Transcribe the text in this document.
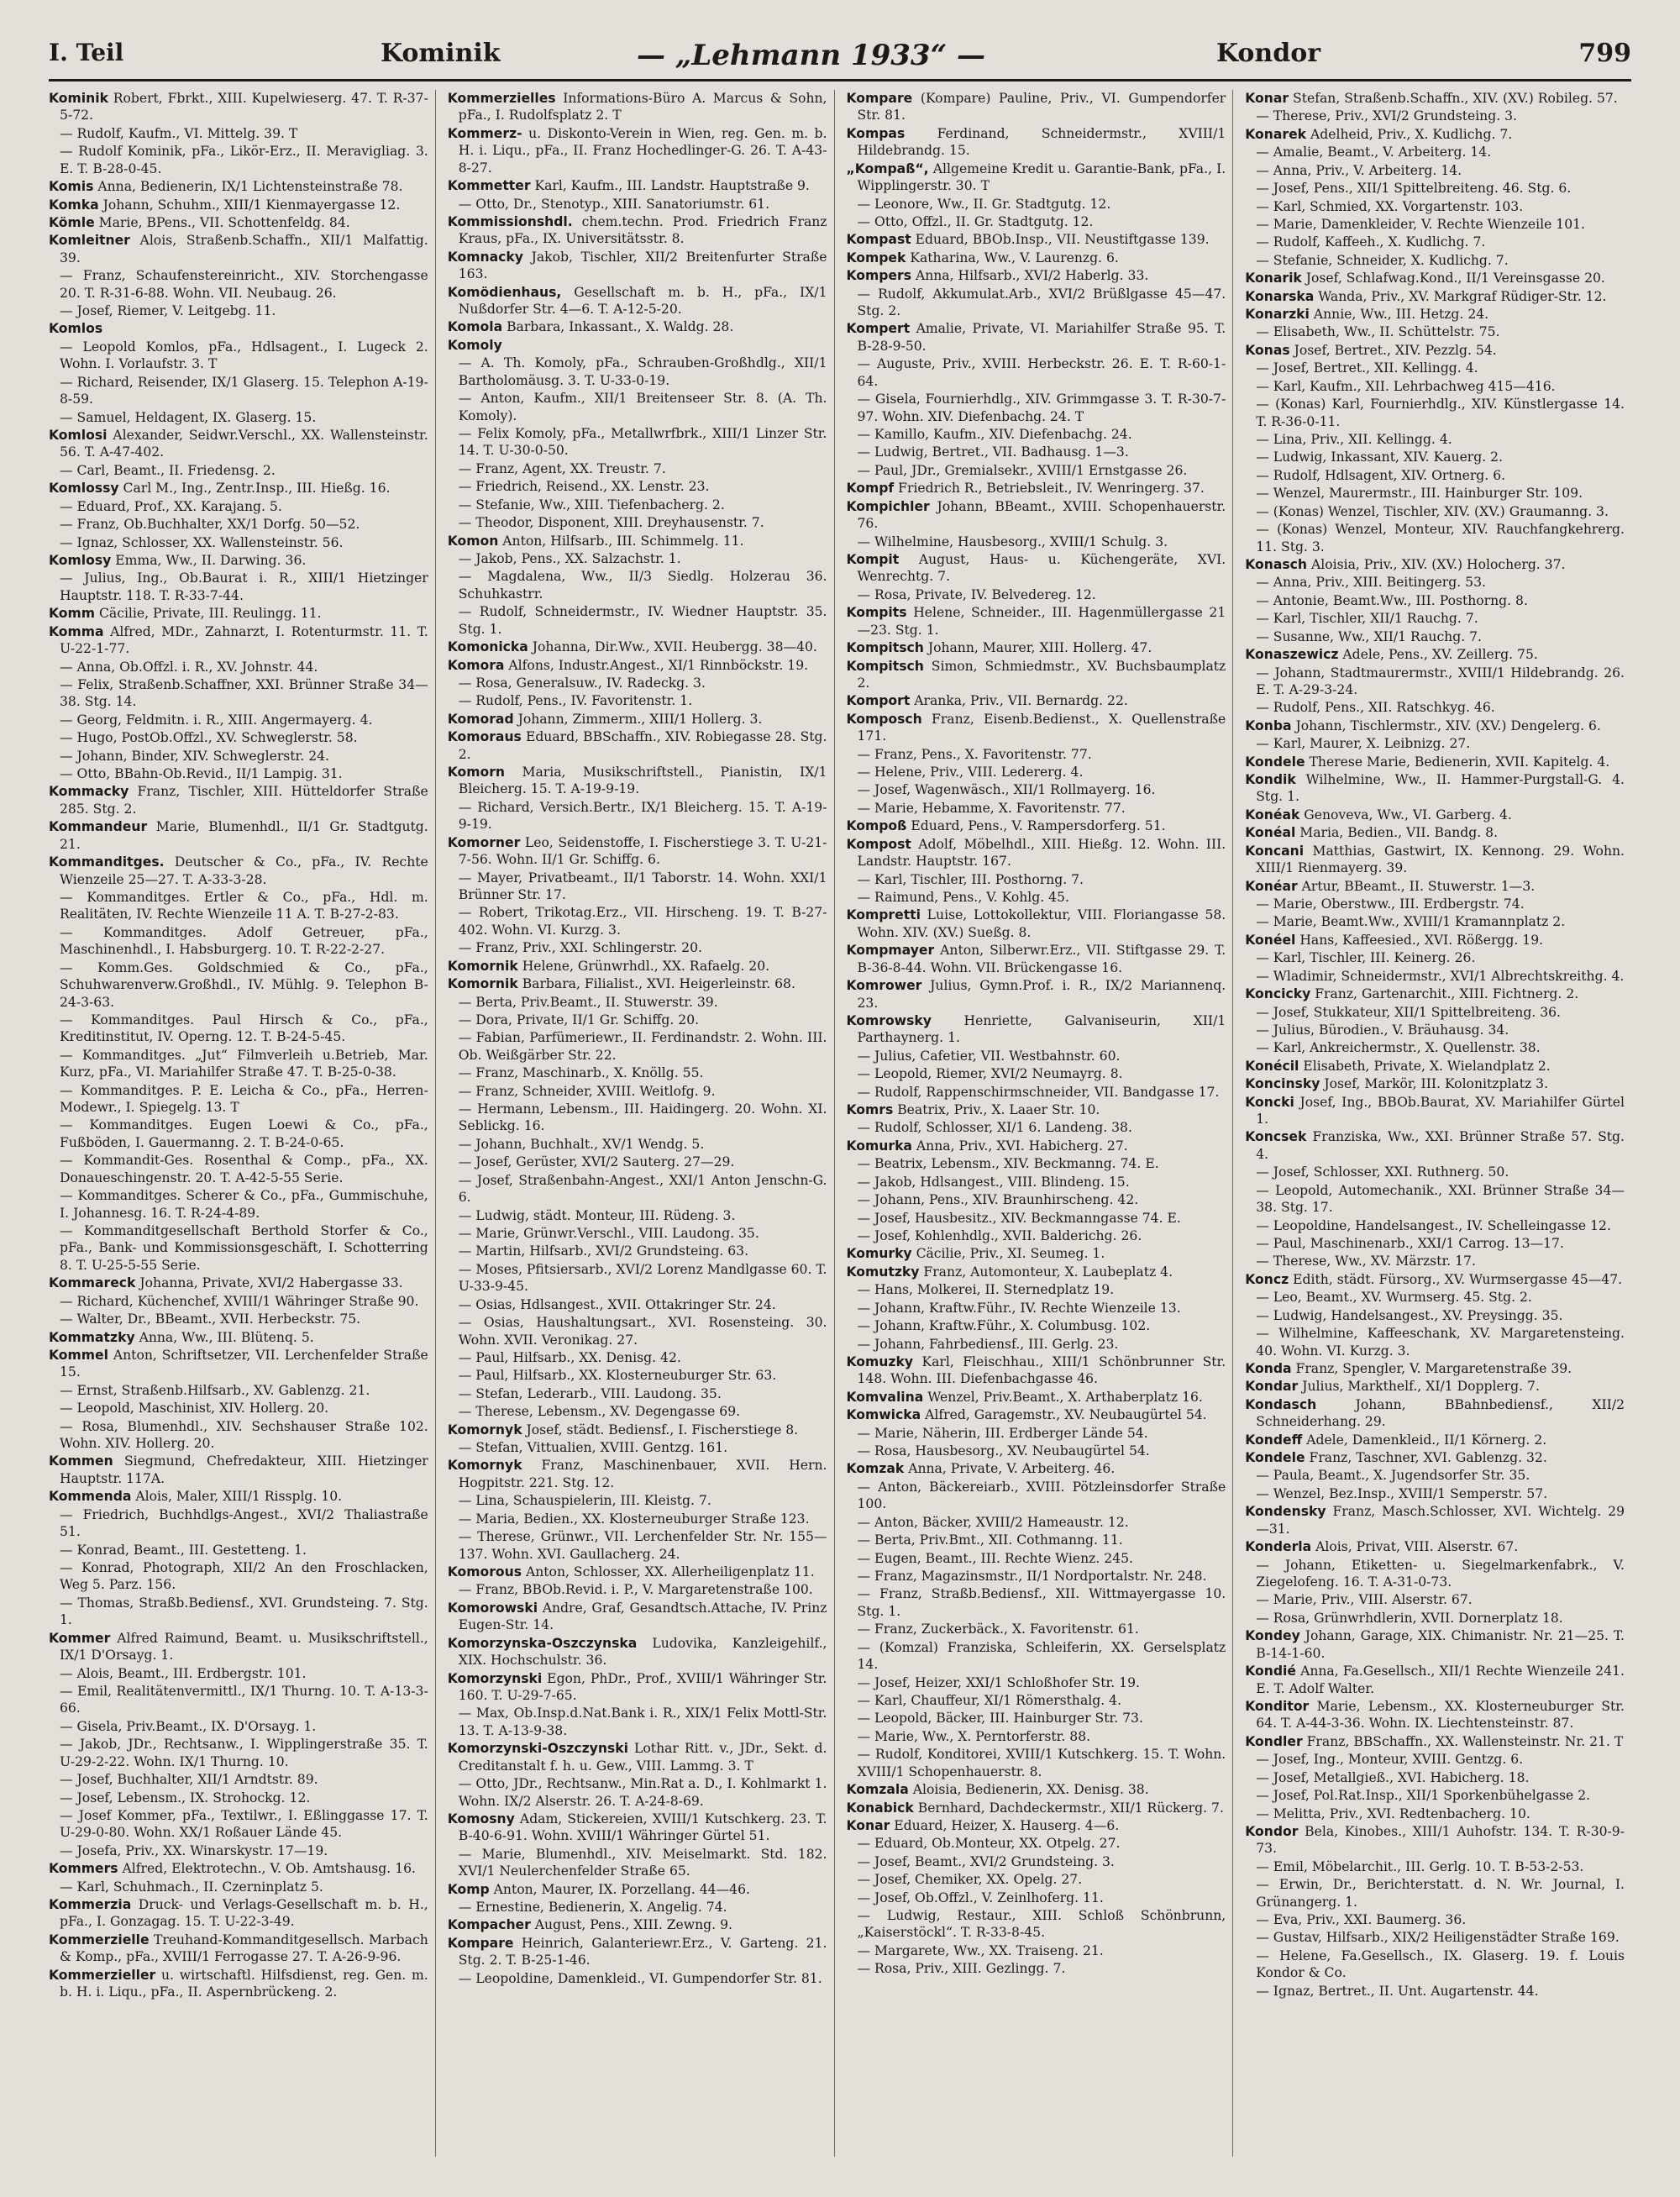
I. Teil	Kominik	— „Lehmann 1933“ —	Kondor	799
Kominik Robert, Fbrkt., XIII. Kupelwieserg. 47. T. R-37-5-72.
— Rudolf, Kaufm., VI. Mittelg. 39. T
— Rudolf Kominik, pFa., Likör-Erz., II. Meravigliag. 3. E. T. B-28-0-45.
Komis Anna, Bedienerin, IX/1 Lichtensteinstraße 78.
Komka Johann, Schuhm., XIII/1 Kienmayergasse 12.
Kömle Marie, BPens., VII. Schottenfeldg. 84.
Komleitner Alois, Straßenb.Schaffn., XII/1 Malfattig. 39.
— Franz, Schaufenstereinricht., XIV. Storchengasse 20. T. R-31-6-88. Wohn. VII. Neubaug. 26.
— Josef, Riemer, V. Leitgebg. 11.
Komlos
— Leopold Komlos, pFa., Hdlsagent., I. Lugeck 2. Wohn. I. Vorlaufstr. 3. T
— Richard, Reisender, IX/1 Glaserg. 15. Telephon A-19-8-59.
— Samuel, Heldagent, IX. Glaserg. 15.
Komlosi Alexander, Seidwr.Verschl., XX. Wallensteinstr. 56. T. A-47-402.
— Carl, Beamt., II. Friedensg. 2.
Komlossy Carl M., Ing., Zentr.Insp., III. Hießg. 16.
— Eduard, Prof., XX. Karajang. 5.
— Franz, Ob.Buchhalter, XX/1 Dorfg. 50—52.
— Ignaz, Schlosser, XX. Wallensteinstr. 56.
Komlosy Emma, Ww., II. Darwing. 36.
— Julius, Ing., Ob.Baurat i. R., XIII/1 Hietzinger Hauptstr. 118. T. R-33-7-44.
Komm Cäcilie, Private, III. Reulingg. 11.
Komma Alfred, MDr., Zahnarzt, I. Rotenturmstr. 11. T. U-22-1-77.
— Anna, Ob.Offzl. i. R., XV. Johnstr. 44.
— Felix, Straßenb.Schaffner, XXI. Brünner Straße 34—38. Stg. 14.
— Georg, Feldmitn. i. R., XIII. Angermayerg. 4.
— Hugo, PostOb.Offzl., XV. Schweglerstr. 58.
— Johann, Binder, XIV. Schweglerstr. 24.
— Otto, BBahn-Ob.Revid., II/1 Lampig. 31.
Kommacky Franz, Tischler, XIII. Hütteldorfer Straße 285. Stg. 2.
Kommandeur Marie, Blumenhdl., II/1 Gr. Stadtgutg. 21.
Kommanditges. Deutscher & Co., pFa., IV. Rechte Wienzeile 25—27. T. A-33-3-28.
— Kommanditges. Ertler & Co., pFa., Hdl. m. Realitäten, IV. Rechte Wienzeile 11 A. T. B-27-2-83.
— Kommanditges. Adolf Getreuer, pFa., Maschinenhdl., I. Habsburgerg. 10. T. R-22-2-27.
— Komm.Ges. Goldschmied & Co., pFa., Schuhwarenverw.Großhdl., IV. Mühlg. 9. Telephon B-24-3-63.
— Kommanditges. Paul Hirsch & Co., pFa., Kreditinstitut, IV. Operng. 12. T. B-24-5-45.
— Kommanditges. „Jut“ Filmverleih u.Betrieb, Mar. Kurz, pFa., VI. Mariahilfer Straße 47. T. B-25-0-38.
— Kommanditges. P. E. Leicha & Co., pFa., Herren-Modewr., I. Spiegelg. 13. T
— Kommanditges. Eugen Loewi & Co., pFa., Fußböden, I. Gauermanng. 2. T. B-24-0-65.
— Kommandit-Ges. Rosenthal & Comp., pFa., XX. Donaueschingenstr. 20. T. A-42-5-55 Serie.
— Kommanditges. Scherer & Co., pFa., Gummischuhe, I. Johannesg. 16. T. R-24-4-89.
— Kommanditgesellschaft Berthold Storfer & Co., pFa., Bank- und Kommissionsgeschäft, I. Schotterring 8. T. U-25-5-55 Serie.
Kommareck Johanna, Private, XVI/2 Habergasse 33.
— Richard, Küchenchef, XVIII/1 Währinger Straße 90.
— Walter, Dr., BBeamt., XVII. Herbeckstr. 75.
Kommatzky Anna, Ww., III. Blütenq. 5.
Kommel Anton, Schriftsetzer, VII. Lerchenfelder Straße 15.
— Ernst, Straßenb.Hilfsarb., XV. Gablenzg. 21.
— Leopold, Maschinist, XIV. Hollerg. 20.
— Rosa, Blumenhdl., XIV. Sechshauser Straße 102. Wohn. XIV. Hollerg. 20.
Kommen Siegmund, Chefredakteur, XIII. Hietzinger Hauptstr. 117A.
Kommenda Alois, Maler, XIII/1 Rissplg. 10.
— Friedrich, Buchhdlgs-Angest., XVI/2 Thaliastraße 51.
— Konrad, Beamt., III. Gestetteng. 1.
— Konrad, Photograph, XII/2 An den Froschlacken, Weg 5. Parz. 156.
— Thomas, Straßb.Bediensf., XVI. Grundsteing. 7. Stg. 1.
Kommer Alfred Raimund, Beamt. u. Musikschriftstell., IX/1 D'Orsayg. 1.
— Alois, Beamt., III. Erdbergstr. 101.
— Emil, Realitätenvermittl., IX/1 Thurng. 10. T. A-13-3-66.
— Gisela, Priv.Beamt., IX. D'Orsayg. 1.
— Jakob, JDr., Rechtsanw., I. Wipplingerstraße 35. T. U-29-2-22. Wohn. IX/1 Thurng. 10.
— Josef, Buchhalter, XII/1 Arndtstr. 89.
— Josef, Lebensm., IX. Strohockg. 12.
— Josef Kommer, pFa., Textilwr., I. Eßlinggasse 17. T. U-29-0-80. Wohn. XX/1 Roßauer Lände 45.
— Josefa, Priv., XX. Winarskystr. 17—19.
Kommers Alfred, Elektrotechn., V. Ob. Amtshausg. 16.
— Karl, Schuhmach., II. Czerninplatz 5.
Kommerzia Druck- und Verlags-Gesellschaft m. b. H., pFa., I. Gonzagag. 15. T. U-22-3-49.
Kommerzielle Treuhand-Kommanditgesellsch. Marbach & Komp., pFa., XVIII/1 Ferrogasse 27. T. A-26-9-96.
Kommerzieller u. wirtschaftl. Hilfsdienst, reg. Gen. m. b. H. i. Liqu., pFa., II. Aspernbrückeng. 2.
Kommerzielles Informations-Büro A. Marcus & Sohn, pFa., I. Rudolfsplatz 2. T
Kommerz- u. Diskonto-Verein in Wien, reg. Gen. m. b. H. i. Liqu., pFa., II. Franz Hochedlinger-G. 26. T. A-43-8-27.
Kommetter Karl, Kaufm., III. Landstr. Hauptstraße 9.
— Otto, Dr., Stenotyp., XIII. Sanatoriumstr. 61.
Kommissionshdl. chem.techn. Prod. Friedrich Franz Kraus, pFa., IX. Universitätsstr. 8.
Komnacky Jakob, Tischler, XII/2 Breitenfurter Straße 163.
Komödienhaus, Gesellschaft m. b. H., pFa., IX/1 Nußdorfer Str. 4—6. T. A-12-5-20.
Komola Barbara, Inkassant., X. Waldg. 28.
Komoly
— A. Th. Komoly, pFa., Schrauben-Großhdlg., XII/1 Bartholomäusg. 3. T. U-33-0-19.
— Anton, Kaufm., XII/1 Breitenseer Str. 8. (A. Th. Komoly).
— Felix Komoly, pFa., Metallwrfbrk., XIII/1 Linzer Str. 14. T. U-30-0-50.
— Franz, Agent, XX. Treustr. 7.
— Friedrich, Reisend., XX. Lenstr. 23.
— Stefanie, Ww., XIII. Tiefenbacherg. 2.
— Theodor, Disponent, XIII. Dreyhausenstr. 7.
Komon Anton, Hilfsarb., III. Schimmelg. 11.
— Jakob, Pens., XX. Salzachstr. 1.
— Magdalena, Ww., II/3 Siedlg. Holzerau 36. Schuhkastrr.
— Rudolf, Schneidermstr., IV. Wiedner Hauptstr. 35. Stg. 1.
Komonicka Johanna, Dir.Ww., XVII. Heubergg. 38—40.
Komora Alfons, Industr.Angest., XI/1 Rinnböckstr. 19.
— Rosa, Generalsuw., IV. Radeckg. 3.
— Rudolf, Pens., IV. Favoritenstr. 1.
Komorad Johann, Zimmerm., XIII/1 Hollerg. 3.
Komoraus Eduard, BBSchaffn., XIV. Robiegasse 28. Stg. 2.
Komorn Maria, Musikschriftstell., Pianistin, IX/1 Bleicherg. 15. T. A-19-9-19.
— Richard, Versich.Bertr., IX/1 Bleicherg. 15. T. A-19-9-19.
Komorner Leo, Seidenstoffe, I. Fischerstiege 3. T. U-21-7-56. Wohn. II/1 Gr. Schiffg. 6.
— Mayer, Privatbeamt., II/1 Taborstr. 14. Wohn. XXI/1 Brünner Str. 17.
— Robert, Trikotag.Erz., VII. Hirscheng. 19. T. B-27-402. Wohn. VI. Kurzg. 3.
— Franz, Priv., XXI. Schlingerstr. 20.
Komornik Helene, Grünwrhdl., XX. Rafaelg. 20.
Komornik Barbara, Filialist., XVI. Heigerleinstr. 68.
— Berta, Priv.Beamt., II. Stuwerstr. 39.
— Dora, Private, II/1 Gr. Schiffg. 20.
— Fabian, Parfümeriewr., II. Ferdinandstr. 2. Wohn. III. Ob. Weißgärber Str. 22.
— Franz, Maschinarb., X. Knöllg. 55.
— Franz, Schneider, XVIII. Weitlofg. 9.
— Hermann, Lebensm., III. Haidingerg. 20. Wohn. XI. Seblickg. 16.
— Johann, Buchhalt., XV/1 Wendg. 5.
— Josef, Gerüster, XVI/2 Sauterg. 27—29.
— Josef, Straßenbahn-Angest., XXI/1 Anton Jenschn-G. 6.
— Ludwig, städt. Monteur, III. Rüdeng. 3.
— Marie, Grünwr.Verschl., VIII. Laudong. 35.
— Martin, Hilfsarb., XVI/2 Grundsteing. 63.
— Moses, Pfitsiersarb., XVI/2 Lorenz Mandlgasse 60. T. U-33-9-45.
— Osias, Hdlsangest., XVII. Ottakringer Str. 24.
— Osias, Haushaltungsart., XVI. Rosensteing. 30. Wohn. XVII. Veronikag. 27.
— Paul, Hilfsarb., XX. Denisg. 42.
— Paul, Hilfsarb., XX. Klosterneuburger Str. 63.
— Stefan, Lederarb., VIII. Laudong. 35.
— Therese, Lebensm., XV. Degengasse 69.
Komornyk Josef, städt. Bediensf., I. Fischerstiege 8.
— Stefan, Vittualien, XVIII. Gentzg. 161.
Komornyk Franz, Maschinenbauer, XVII. Hern. Hogpitstr. 221. Stg. 12.
— Lina, Schauspielerin, III. Kleistg. 7.
— Maria, Bedien., XX. Klosterneuburger Straße 123.
— Therese, Grünwr., VII. Lerchenfelder Str. Nr. 155—137. Wohn. XVI. Gaullacherg. 24.
Komorous Anton, Schlosser, XX. Allerheiligenplatz 11.
— Franz, BBOb.Revid. i. P., V. Margaretenstraße 100.
Komorowski Andre, Graf, Gesandtsch.Attache, IV. Prinz Eugen-Str. 14.
Komorzynska-Oszczynska Ludovika, Kanzleigehilf., XIX. Hochschulstr. 36.
Komorzynski Egon, PhDr., Prof., XVIII/1 Währinger Str. 160. T. U-29-7-65.
— Max, Ob.Insp.d.Nat.Bank i. R., XIX/1 Felix Mottl-Str. 13. T. A-13-9-38.
Komorzynski-Oszczynski Lothar Ritt. v., JDr., Sekt. d. Creditanstalt f. h. u. Gew., VIII. Lammg. 3. T
— Otto, JDr., Rechtsanw., Min.Rat a. D., I. Kohlmarkt 1. Wohn. IX/2 Alserstr. 26. T. A-24-8-69.
Komosny Adam, Stickereien, XVIII/1 Kutschkerg. 23. T. B-40-6-91. Wohn. XVIII/1 Währinger Gürtel 51.
— Marie, Blumenhdl., XIV. Meiselmarkt. Std. 182. XVI/1 Neulerchenfelder Straße 65.
Komp Anton, Maurer, IX. Porzellang. 44—46.
— Ernestine, Bedienerin, X. Angelig. 74.
Kompacher August, Pens., XIII. Zewng. 9.
Kompare Heinrich, Galanteriewr.Erz., V. Garteng. 21. Stg. 2. T. B-25-1-46.
— Leopoldine, Damenkleid., VI. Gumpendorfer Str. 81.
Kompare (Kompare) Pauline, Priv., VI. Gumpendorfer Str. 81.
Kompas Ferdinand, Schneidermstr., XVIII/1 Hildebrandg. 15.
„Kompaß“, Allgemeine Kredit u. Garantie-Bank, pFa., I. Wipplingerstr. 30. T
— Leonore, Ww., II. Gr. Stadtgutg. 12.
— Otto, Offzl., II. Gr. Stadtgutg. 12.
Kompast Eduard, BBOb.Insp., VII. Neustiftgasse 139.
Kompek Katharina, Ww., V. Laurenzg. 6.
Kompers Anna, Hilfsarb., XVI/2 Haberlg. 33.
— Rudolf, Akkumulat.Arb., XVI/2 Brüßlgasse 45—47. Stg. 2.
Kompert Amalie, Private, VI. Mariahilfer Straße 95. T. B-28-9-50.
— Auguste, Priv., XVIII. Herbeckstr. 26. E. T. R-60-1-64.
— Gisela, Fournierhdlg., XIV. Grimmgasse 3. T. R-30-7-97. Wohn. XIV. Diefenbachg. 24. T
— Kamillo, Kaufm., XIV. Diefenbachg. 24.
— Ludwig, Bertret., VII. Badhausg. 1—3.
— Paul, JDr., Gremialsekr., XVIII/1 Ernstgasse 26.
Kompf Friedrich R., Betriebsleit., IV. Wenringerg. 37.
Kompichler Johann, BBeamt., XVIII. Schopenhauerstr. 76.
— Wilhelmine, Hausbesorg., XVIII/1 Schulg. 3.
Kompit August, Haus- u. Küchengeräte, XVI. Wenrechtg. 7.
— Rosa, Private, IV. Belvedereg. 12.
Kompits Helene, Schneider., III. Hagenmüllergasse 21—23. Stg. 1.
Kompitsch Johann, Maurer, XIII. Hollerg. 47.
Kompitsch Simon, Schmiedmstr., XV. Buchsbaumplatz 2.
Komport Aranka, Priv., VII. Bernardg. 22.
Komposch Franz, Eisenb.Bedienst., X. Quellenstraße 171.
— Franz, Pens., X. Favoritenstr. 77.
— Helene, Priv., VIII. Ledererg. 4.
— Josef, Wagenwäsch., XII/1 Rollmayerg. 16.
— Marie, Hebamme, X. Favoritenstr. 77.
Kompoß Eduard, Pens., V. Rampersdorferg. 51.
Kompost Adolf, Möbelhdl., XIII. Hießg. 12. Wohn. III. Landstr. Hauptstr. 167.
— Karl, Tischler, III. Posthorng. 7.
— Raimund, Pens., V. Kohlg. 45.
Kompretti Luise, Lottokollektur, VIII. Floriangasse 58. Wohn. XIV. (XV.) Sueßg. 8.
Kompmayer Anton, Silberwr.Erz., VII. Stiftgasse 29. T. B-36-8-44. Wohn. VII. Brückengasse 16.
Komrower Julius, Gymn.Prof. i. R., IX/2 Mariannenq. 23.
Komrowsky Henriette, Galvaniseurin, XII/1 Parthaynerg. 1.
— Julius, Cafetier, VII. Westbahnstr. 60.
— Leopold, Riemer, XVI/2 Neumayrg. 8.
— Rudolf, Rappenschirmschneider, VII. Bandgasse 17.
Komrs Beatrix, Priv., X. Laaer Str. 10.
— Rudolf, Schlosser, XI/1 6. Landeng. 38.
Komurka Anna, Priv., XVI. Habicherg. 27.
— Beatrix, Lebensm., XIV. Beckmanng. 74. E.
— Jakob, Hdlsangest., VIII. Blindeng. 15.
— Johann, Pens., XIV. Braunhirscheng. 42.
— Josef, Hausbesitz., XIV. Beckmanngasse 74. E.
— Josef, Kohlenhdlg., XVII. Balderichg. 26.
Komurky Cäcilie, Priv., XI. Seumeg. 1.
Komutzky Franz, Automonteur, X. Laubeplatz 4.
— Hans, Molkerei, II. Sternedplatz 19.
— Johann, Kraftw.Führ., IV. Rechte Wienzeile 13.
— Johann, Kraftw.Führ., X. Columbusg. 102.
— Johann, Fahrbediensf., III. Gerlg. 23.
Komuzky Karl, Fleischhau., XIII/1 Schönbrunner Str. 148. Wohn. III. Diefenbachgasse 46.
Komvalina Wenzel, Priv.Beamt., X. Arthaberplatz 16.
Komwicka Alfred, Garagemstr., XV. Neubaugürtel 54.
— Marie, Näherin, III. Erdberger Lände 54.
— Rosa, Hausbesorg., XV. Neubaugürtel 54.
Komzak Anna, Private, V. Arbeiterg. 46.
— Anton, Bäckereiarb., XVIII. Pötzleinsdorfer Straße 100.
— Anton, Bäcker, XVIII/2 Hameaustr. 12.
— Berta, Priv.Bmt., XII. Cothmanng. 11.
— Eugen, Beamt., III. Rechte Wienz. 245.
— Franz, Magazinsmstr., II/1 Nordportalstr. Nr. 248.
— Franz, Straßb.Bediensf., XII. Wittmayergasse 10. Stg. 1.
— Franz, Zuckerbäck., X. Favoritenstr. 61.
— (Komzal) Franziska, Schleiferin, XX. Gerselsplatz 14.
— Josef, Heizer, XXI/1 Schloßhofer Str. 19.
— Karl, Chauffeur, XI/1 Römersthalg. 4.
— Leopold, Bäcker, III. Hainburger Str. 73.
— Marie, Ww., X. Perntorferstr. 88.
— Rudolf, Konditorei, XVIII/1 Kutschkerg. 15. T. Wohn. XVIII/1 Schopenhauerstr. 8.
Komzala Aloisia, Bedienerin, XX. Denisg. 38.
Konabick Bernhard, Dachdeckermstr., XII/1 Rückerg. 7.
Konar Eduard, Heizer, X. Hauserg. 4—6.
— Eduard, Ob.Monteur, XX. Otpelg. 27.
— Josef, Beamt., XVI/2 Grundsteing. 3.
— Josef, Chemiker, XX. Opelg. 27.
— Josef, Ob.Offzl., V. Zeinlhoferg. 11.
— Ludwig, Restaur., XIII. Schloß Schönbrunn, „Kaiserstöckl“. T. R-33-8-45.
— Margarete, Ww., XX. Traiseng. 21.
— Rosa, Priv., XIII. Gezlingg. 7.
Konar Stefan, Straßenb.Schaffn., XIV. (XV.) Robileg. 57.
— Therese, Priv., XVI/2 Grundsteing. 3.
Konarek Adelheid, Priv., X. Kudlichg. 7.
— Amalie, Beamt., V. Arbeiterg. 14.
— Anna, Priv., V. Arbeiterg. 14.
— Josef, Pens., XII/1 Spittelbreiteng. 46. Stg. 6.
— Karl, Schmied, XX. Vorgartenstr. 103.
— Marie, Damenkleider, V. Rechte Wienzeile 101.
— Rudolf, Kaffeeh., X. Kudlichg. 7.
— Stefanie, Schneider, X. Kudlichg. 7.
Konarik Josef, Schlafwag.Kond., II/1 Vereinsgasse 20.
Konarska Wanda, Priv., XV. Markgraf Rüdiger-Str. 12.
Konarzki Annie, Ww., III. Hetzg. 24.
— Elisabeth, Ww., II. Schüttelstr. 75.
Konas Josef, Bertret., XIV. Pezzlg. 54.
— Josef, Bertret., XII. Kellingg. 4.
— Karl, Kaufm., XII. Lehrbachweg 415—416.
— (Konas) Karl, Fournierhdlg., XIV. Künstlergasse 14. T. R-36-0-11.
— Lina, Priv., XII. Kellingg. 4.
— Ludwig, Inkassant, XIV. Kauerg. 2.
— Rudolf, Hdlsagent, XIV. Ortnerg. 6.
— Wenzel, Maurermstr., III. Hainburger Str. 109.
— (Konas) Wenzel, Tischler, XIV. (XV.) Graumanng. 3.
— (Konas) Wenzel, Monteur, XIV. Rauchfangkehrerg. 11. Stg. 3.
Konasch Aloisia, Priv., XIV. (XV.) Holocherg. 37.
— Anna, Priv., XIII. Beitingerg. 53.
— Antonie, Beamt.Ww., III. Posthorng. 8.
— Karl, Tischler, XII/1 Rauchg. 7.
— Susanne, Ww., XII/1 Rauchg. 7.
Konaszewicz Adele, Pens., XV. Zeillerg. 75.
— Johann, Stadtmaurermstr., XVIII/1 Hildebrandg. 26. E. T. A-29-3-24.
— Rudolf, Pens., XII. Ratschkyg. 46.
Konba Johann, Tischlermstr., XIV. (XV.) Dengelerg. 6.
— Karl, Maurer, X. Leibnizg. 27.
Kondele Therese Marie, Bedienerin, XVII. Kapitelg. 4.
Kondik Wilhelmine, Ww., II. Hammer-Purgstall-G. 4. Stg. 1.
Konéak Genoveva, Ww., VI. Garberg. 4.
Konéal Maria, Bedien., VII. Bandg. 8.
Koncani Matthias, Gastwirt, IX. Kennong. 29. Wohn. XIII/1 Rienmayerg. 39.
Konéar Artur, BBeamt., II. Stuwerstr. 1—3.
— Marie, Oberstww., III. Erdbergstr. 74.
— Marie, Beamt.Ww., XVIII/1 Kramannplatz 2.
Konéel Hans, Kaffeesied., XVI. Rößergg. 19.
— Karl, Tischler, III. Keinerg. 26.
— Wladimir, Schneidermstr., XVI/1 Albrechtskreithg. 4.
Koncicky Franz, Gartenarchit., XIII. Fichtnerg. 2.
— Josef, Stukkateur, XII/1 Spittelbreiteng. 36.
— Julius, Bürodien., V. Bräuhausg. 34.
— Karl, Ankreichermstr., X. Quellenstr. 38.
Konécil Elisabeth, Private, X. Wielandplatz 2.
Koncinsky Josef, Markör, III. Kolonitzplatz 3.
Koncki Josef, Ing., BBOb.Baurat, XV. Mariahilfer Gürtel 1.
Koncsek Franziska, Ww., XXI. Brünner Straße 57. Stg. 4.
— Josef, Schlosser, XXI. Ruthnerg. 50.
— Leopold, Automechanik., XXI. Brünner Straße 34—38. Stg. 17.
— Leopoldine, Handelsangest., IV. Schelleingasse 12.
— Paul, Maschinenarb., XXI/1 Carrog. 13—17.
— Therese, Ww., XV. Märzstr. 17.
Koncz Edith, städt. Fürsorg., XV. Wurmsergasse 45—47.
— Leo, Beamt., XV. Wurmserg. 45. Stg. 2.
— Ludwig, Handelsangest., XV. Preysingg. 35.
— Wilhelmine, Kaffeeschank, XV. Margaretensteing. 40. Wohn. VI. Kurzg. 3.
Konda Franz, Spengler, V. Margaretenstraße 39.
Kondar Julius, Markthelf., XI/1 Dopplerg. 7.
Kondasch Johann, BBahnbediensf., XII/2 Schneiderhang. 29.
Kondeff Adele, Damenkleid., II/1 Körnerg. 2.
Kondele Franz, Taschner, XVI. Gablenzg. 32.
— Paula, Beamt., X. Jugendsorfer Str. 35.
— Wenzel, Bez.Insp., XVIII/1 Semperstr. 57.
Kondensky Franz, Masch.Schlosser, XVI. Wichtelg. 29—31.
Konderla Alois, Privat, VIII. Alserstr. 67.
— Johann, Etiketten- u. Siegelmarkenfabrk., V. Ziegelofeng. 16. T. A-31-0-73.
— Marie, Priv., VIII. Alserstr. 67.
— Rosa, Grünwrhdlerin, XVII. Dornerplatz 18.
Kondey Johann, Garage, XIX. Chimanistr. Nr. 21—25. T. B-14-1-60.
Kondié Anna, Fa.Gesellsch., XII/1 Rechte Wienzeile 241. E. T. Adolf Walter.
Konditor Marie, Lebensm., XX. Klosterneuburger Str. 64. T. A-44-3-36. Wohn. IX. Liechtensteinstr. 87.
Kondler Franz, BBSchaffn., XX. Wallensteinstr. Nr. 21. T
— Josef, Ing., Monteur, XVIII. Gentzg. 6.
— Josef, Metallgieß., XVI. Habicherg. 18.
— Josef, Pol.Rat.Insp., XII/1 Sporkenbühelgasse 2.
— Melitta, Priv., XVI. Redtenbacherg. 10.
Kondor Bela, Kinobes., XIII/1 Auhofstr. 134. T. R-30-9-73.
— Emil, Möbelarchit., III. Gerlg. 10. T. B-53-2-53.
— Erwin, Dr., Berichterstatt. d. N. Wr. Journal, I. Grünangerg. 1.
— Eva, Priv., XXI. Baumerg. 36.
— Gustav, Hilfsarb., XIX/2 Heiligenstädter Straße 169.
— Helene, Fa.Gesellsch., IX. Glaserg. 19. f. Louis Kondor & Co.
— Ignaz, Bertret., II. Unt. Augartenstr. 44.
